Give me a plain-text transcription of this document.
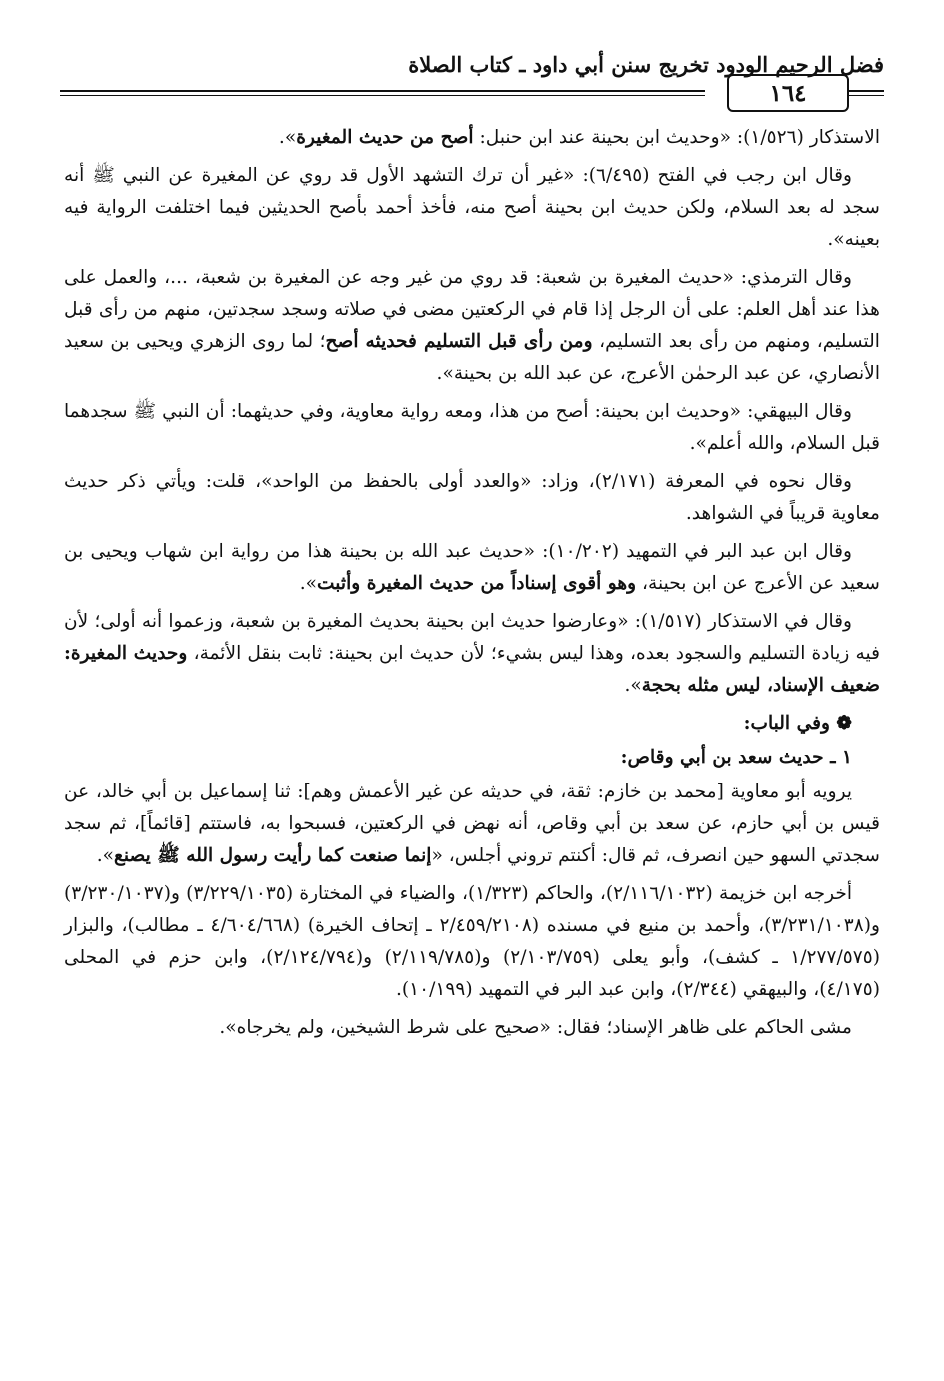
١٦٤
فضل الرحيم الودود تخريج سنن أبي داود ـ كتاب الصلاة

الاستذكار (١/٥٢٦): «وحديث ابن بحينة عند ابن حنبل: أصح من حديث المغيرة».

وقال ابن رجب في الفتح (٦/٤٩٥): «غير أن ترك التشهد الأول قد روي عن المغيرة عن النبي ﷺ أنه سجد له بعد السلام، ولكن حديث ابن بحينة أصح منه، فأخذ أحمد بأصح الحديثين فيما اختلفت الرواية فيه بعينه».

وقال الترمذي: «حديث المغيرة بن شعبة: قد روي من غير وجه عن المغيرة بن شعبة، ...، والعمل على هذا عند أهل العلم: على أن الرجل إذا قام في الركعتين مضى في صلاته وسجد سجدتين، منهم من رأى قبل التسليم، ومنهم من رأى بعد التسليم، ومن رأى قبل التسليم فحديثه أصح؛ لما روى الزهري ويحيى بن سعيد الأنصاري، عن عبد الرحمٰن الأعرج، عن عبد الله بن بحينة».

وقال البيهقي: «وحديث ابن بحينة: أصح من هذا، ومعه رواية معاوية، وفي حديثهما: أن النبي ﷺ سجدهما قبل السلام، والله أعلم».

وقال نحوه في المعرفة (٢/١٧١)، وزاد: «والعدد أولى بالحفظ من الواحد»، قلت: ويأتي ذكر حديث معاوية قريباً في الشواهد.

وقال ابن عبد البر في التمهيد (١٠/٢٠٢): «حديث عبد الله بن بحينة هذا من رواية ابن شهاب ويحيى بن سعيد عن الأعرج عن ابن بحينة، وهو أقوى إسناداً من حديث المغيرة وأثبت».

وقال في الاستذكار (١/٥١٧): «وعارضوا حديث ابن بحينة بحديث المغيرة بن شعبة، وزعموا أنه أولى؛ لأن فيه زيادة التسليم والسجود بعده، وهذا ليس بشيء؛ لأن حديث ابن بحينة: ثابت بنقل الأئمة، وحديث المغيرة: ضعيف الإسناد، ليس مثله بحجة».

❁ وفي الباب:

١ ـ حديث سعد بن أبي وقاص:

يرويه أبو معاوية [محمد بن خازم: ثقة، في حديثه عن غير الأعمش وهم]: ثنا إسماعيل بن أبي خالد، عن قيس بن أبي حازم، عن سعد بن أبي وقاص، أنه نهض في الركعتين، فسبحوا به، فاستتم [قائماً]، ثم سجد سجدتي السهو حين انصرف، ثم قال: أكنتم تروني أجلس، «إنما صنعت كما رأيت رسول الله ﷺ يصنع».

أخرجه ابن خزيمة (٢/١١٦/١٠٣٢)، والحاكم (١/٣٢٣)، والضياء في المختارة (٣/٢٢٩/١٠٣٥) و(٣/٢٣٠/١٠٣٧) و(٣/٢٣١/١٠٣٨)، وأحمد بن منيع في مسنده (٢/٤٥٩/٢١٠٨ ـ إتحاف الخيرة) (٤/٦٠٤/٦٦٨ ـ مطالب)، والبزار (١/٢٧٧/٥٧٥ ـ كشف)، وأبو يعلى (٢/١٠٣/٧٥٩) و(٢/١١٩/٧٨٥) و(٢/١٢٤/٧٩٤)، وابن حزم في المحلى (٤/١٧٥)، والبيهقي (٢/٣٤٤)، وابن عبد البر في التمهيد (١٠/١٩٩).

مشى الحاكم على ظاهر الإسناد؛ فقال: «صحيح على شرط الشيخين، ولم يخرجاه».
